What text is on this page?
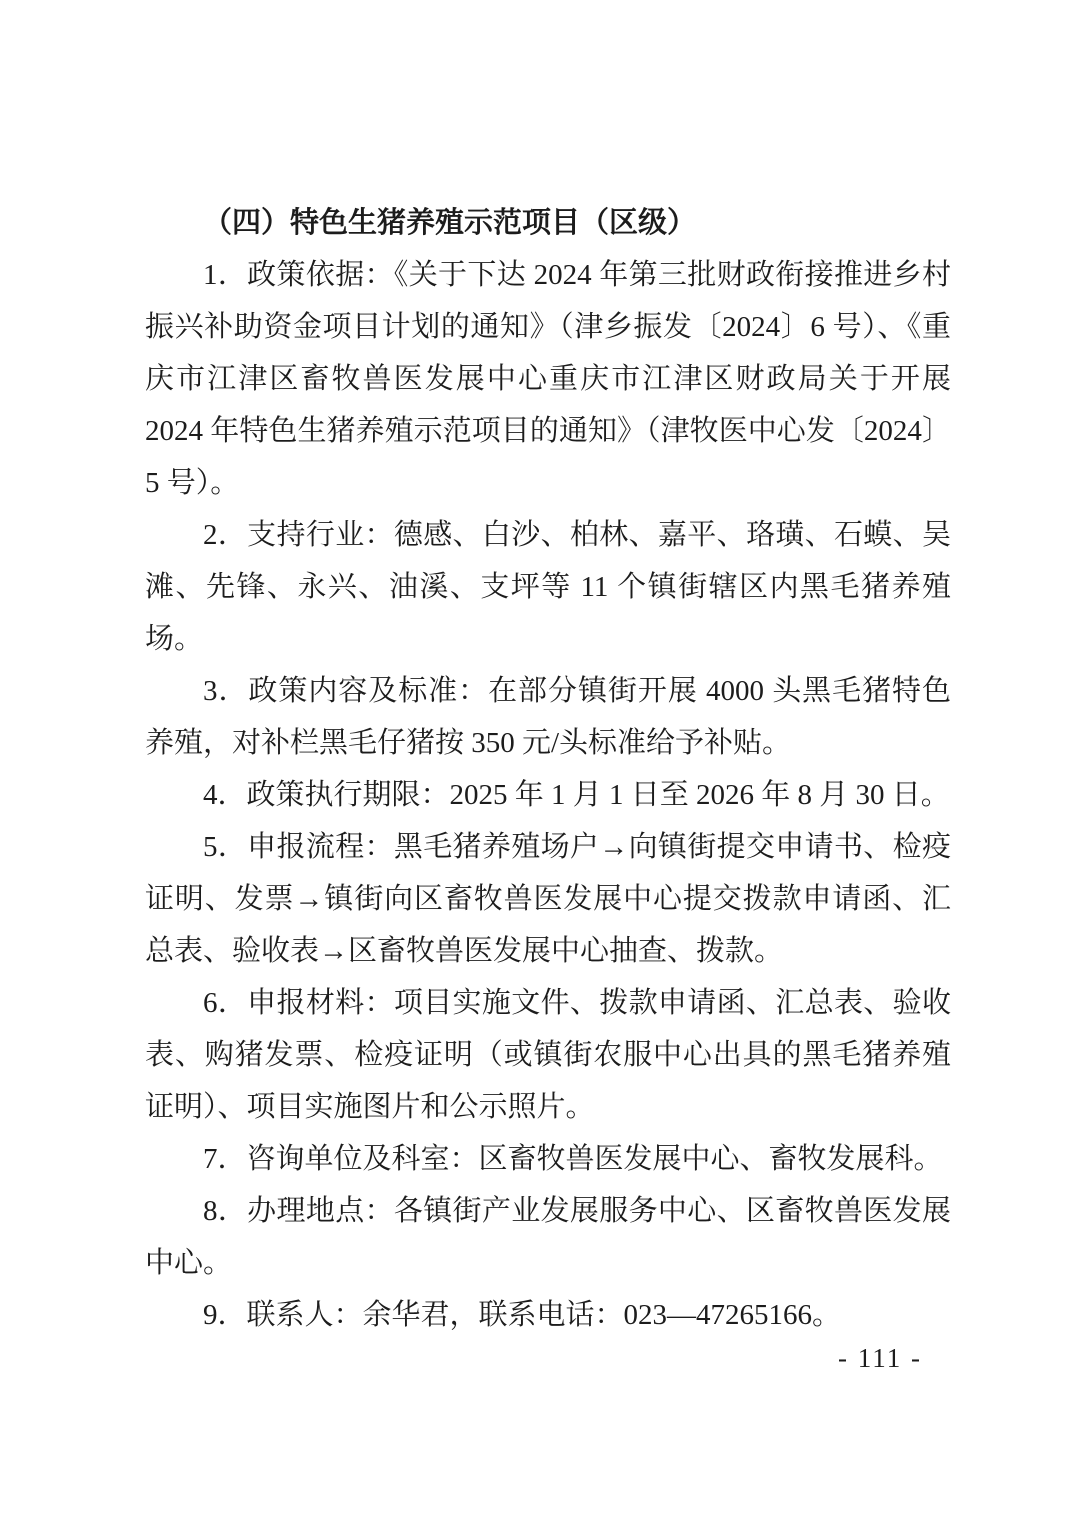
（四）特色生猪养殖示范项目（区级）

1．政策依据：《关于下达 2024 年第三批财政衔接推进乡村振兴补助资金项目计划的通知》（津乡振发〔2024〕6 号）、《重庆市江津区畜牧兽医发展中心重庆市江津区财政局关于开展 2024 年特色生猪养殖示范项目的通知》（津牧医中心发〔2024〕5 号）。

2．支持行业：德感、白沙、柏林、嘉平、珞璜、石蟆、吴滩、先锋、永兴、油溪、支坪等 11 个镇街辖区内黑毛猪养殖场。

3．政策内容及标准：在部分镇街开展 4000 头黑毛猪特色养殖，对补栏黑毛仔猪按 350 元/头标准给予补贴。

4．政策执行期限：2025 年 1 月 1 日至 2026 年 8 月 30 日。

5．申报流程：黑毛猪养殖场户→向镇街提交申请书、检疫证明、发票→镇街向区畜牧兽医发展中心提交拨款申请函、汇总表、验收表→区畜牧兽医发展中心抽查、拨款。

6．申报材料：项目实施文件、拨款申请函、汇总表、验收表、购猪发票、检疫证明（或镇街农服中心出具的黑毛猪养殖证明）、项目实施图片和公示照片。

7．咨询单位及科室：区畜牧兽医发展中心、畜牧发展科。

8．办理地点：各镇街产业发展服务中心、区畜牧兽医发展中心。

9．联系人：余华君，联系电话：023—47265166。

- 111 -
